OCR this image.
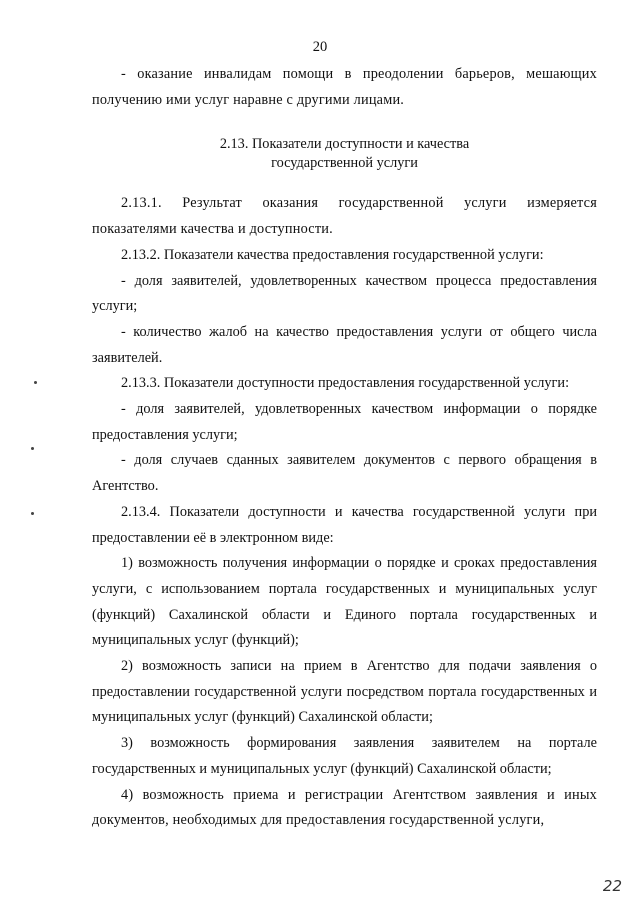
20

- оказание инвалидам помощи в преодолении барьеров, мешающих получению ими услуг наравне с другими лицами.

2.13. Показатели доступности и качества
государственной услуги

2.13.1. Результат оказания государственной услуги измеряется показателями качества и доступности.

2.13.2. Показатели качества предоставления государственной услуги:

- доля заявителей, удовлетворенных качеством процесса предоставления услуги;

- количество жалоб на качество предоставления услуги от общего числа заявителей.

2.13.3. Показатели доступности предоставления государственной услуги:

- доля заявителей, удовлетворенных качеством информации о порядке предоставления услуги;

- доля случаев сданных заявителем документов с первого обращения в Агентство.

2.13.4. Показатели доступности и качества государственной услуги при предоставлении её в электронном виде:

1) возможность получения информации о порядке и сроках предоставления услуги, с использованием портала государственных и муниципальных услуг (функций) Сахалинской области и Единого портала государственных и муниципальных услуг (функций);

2) возможность записи на прием в Агентство для подачи заявления о предоставлении государственной услуги посредством портала государственных и муниципальных услуг (функций) Сахалинской области;

3) возможность формирования заявления заявителем на портале государственных и муниципальных услуг (функций) Сахалинской области;

4) возможность приема и регистрации Агентством заявления и иных документов, необходимых для предоставления государственной услуги,

22
